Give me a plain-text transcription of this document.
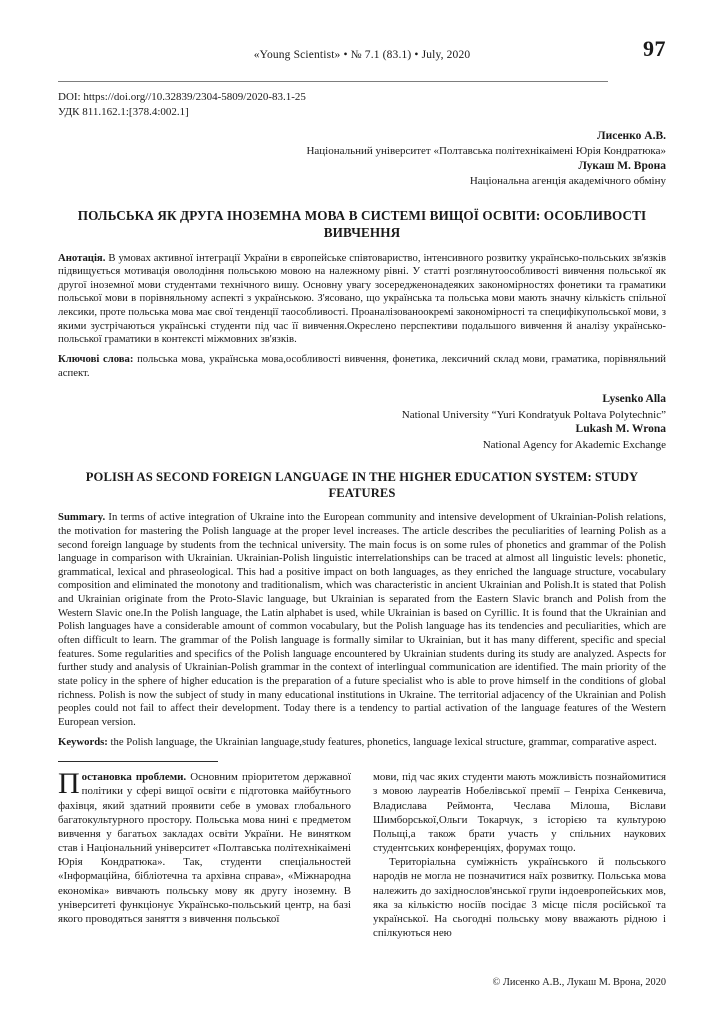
«Young Scientist» • № 7.1 (83.1) • July, 2020	97
DOI: https://doi.org//10.32839/2304-5809/2020-83.1-25
УДК 811.162.1:[378.4:002.1]
Лисенко А.В.
Національний університет «Полтавська політехнікаімені Юрія Кондратюка»
Лукаш М. Врона
Національна агенція академічного обміну
ПОЛЬСЬКА ЯК ДРУГА ІНОЗЕМНА МОВА В СИСТЕМІ ВИЩОЇ ОСВІТИ: ОСОБЛИВОСТІ ВИВЧЕННЯ
Анотація. В умовах активної інтеграції України в європейське співтовариство, інтенсивного розвитку українсько-польських зв'язків підвищується мотивація оволодіння польською мовою на належному рівні. У статті розглянутоособливості вивчення польської як другої іноземної мови студентами технічного вишу. Основну увагу зосередженонадеяких закономірностях фонетики та граматики польської мови в порівняльному аспекті з українською. З'ясовано, що українська та польська мови мають значну кількість спільної лексики, проте польська мова має свої тенденції таособливості. Проаналізованоокремі закономірності та специфікупольської мови, з якими зустрічаються українські студенти під час її вивчення.Окреслено перспективи подальшого вивчення й аналізу українсько-польської граматики в контексті міжмовних зв'язків.
Ключові слова: польська мова, українська мова,особливості вивчення, фонетика, лексичний склад мови, граматика, порівняльний аспект.
Lysenko Alla
National University “Yuri Kondratyuk Poltava Polytechnic”
Lukash M. Wrona
National Agency for Akademic Exchange
POLISH AS SECOND FOREIGN LANGUAGE IN THE HIGHER EDUCATION SYSTEM: STUDY FEATURES
Summary. In terms of active integration of Ukraine into the European community and intensive development of Ukrainian-Polish relations, the motivation for mastering the Polish language at the proper level increases. The article describes the peculiarities of learning Polish as a second foreign language by students from the technical university. The main focus is on some rules of phonetics and grammar of the Polish language in comparison with Ukrainian. Ukrainian-Polish linguistic interrelationships can be traced at almost all linguistic levels: phonetic, grammatical, lexical and phraseological. This had a positive impact on both languages, as they enriched the language structure, vocabulary composition and eliminated the monotony and traditionalism, which was characteristic in ancient Ukrainian and Polish.It is stated that Polish and Ukrainian originate from the Proto-Slavic language, but Ukrainian is separated from the Eastern Slavic branch and Polish from the Western Slavic one.In the Polish language, the Latin alphabet is used, while Ukrainian is based on Cyrillic. It is found that the Ukrainian and Polish languages have a considerable amount of common vocabulary, but the Polish language has its tendencies and peculiarities, which are often difficult to learn. The grammar of the Polish language is formally similar to Ukrainian, but it has many different, specific and special features. Some regularities and specifics of the Polish language encountered by Ukrainian students during its study are analyzed. Aspects for further study and analysis of Ukrainian-Polish grammar in the context of interlingual communication are identified. The main priority of the state policy in the sphere of higher education is the preparation of a future specialist who is able to prove himself in the conditions of global richness. Polish is now the subject of study in many educational institutions in Ukraine. The territorial adjacency of the Ukrainian and Polish peoples could not fail to affect their development. Today there is a tendency to partial activation of the language features of the Western European version.
Keywords: the Polish language, the Ukrainian language,study features, phonetics, language lexical structure, grammar, comparative aspect.

Постановка проблеми. Основним пріоритетом державної політики у сфері вищої освіти є підготовка майбутнього фахівця, який здатний проявити себе в умовах глобального багатокультурного простору. Польська мова нині є предметом вивчення у багатьох закладах освіти України. Не винятком став і Національний університет «Полтавська політехнікаімені Юрія Кондратюка». Так, студенти спеціальностей «Інформаційна, бібліотечна та архівна справа», «Міжнародна економіка» вивчають польську мову як другу іноземну. В університеті функціонує Українсько-польський центр, на базі якого проводяться заняття з вивчення польської

мови, під час яких студенти мають можливість познайомитися з мовою лауреатів Нобелівської премії – Генріха Сенкевича, Владислава Реймонта, Чеслава Мілоша, Віслави Шимборської,Ольги Токарчук, з історією та культурою Польщі,а також брати участь у спільних наукових студентських конференціях, форумах тощо.

Територіальна суміжність українського й польського народів не могла не позначитися наїх розвитку. Польська мова належить до західнослов'янської групи індоевропейських мов, яка за кількістю носіїв посідає 3 місце після російської та української. На сьогодні польську мову вважають рідною і спілкуються нею

© Лисенко А.В., Лукаш М. Врона, 2020
